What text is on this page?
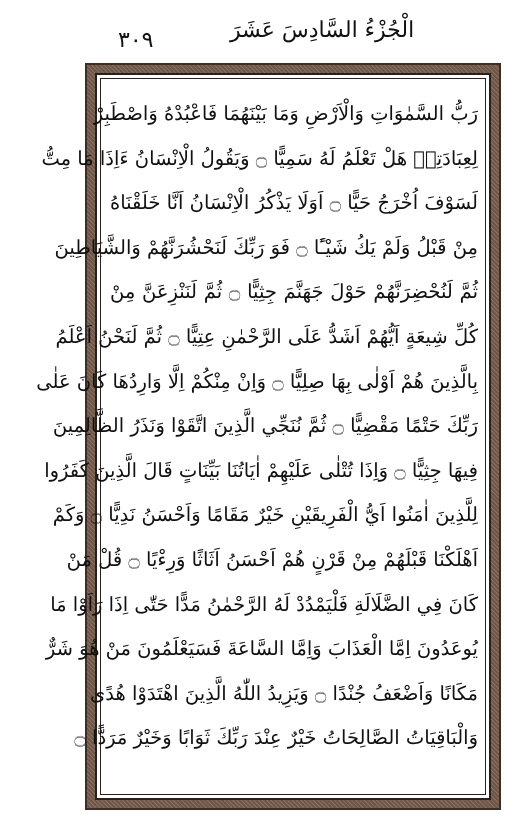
٣٠٩	الْجُزْءُ السَّادِسَ عَشَرَ
رَبُّ السَّمٰوَاتِ وَالْاَرْضِ وَمَا بَيْنَهُمَا فَاعْبُدْهُ وَاصْطَبِرْ
لِعِبَادَتِهٖ هَلْ تَعْلَمُ لَهُ سَمِيًّا ۝ وَيَقُولُ الْاِنْسَانُ ءَاِذَا مَا مِتُّ
لَسَوْفَ اُخْرَجُ حَيًّا ۝ اَوَلَا يَذْكُرُ الْاِنْسَانُ اَنَّا خَلَقْنَاهُ
مِنْ قَبْلُ وَلَمْ يَكُ شَيْـًٔا ۝ فَوَ رَبِّكَ لَنَحْشُرَنَّهُمْ وَالشَّيَاطِينَ
ثُمَّ لَنُحْضِرَنَّهُمْ حَوْلَ جَهَنَّمَ جِثِيًّا ۝ ثُمَّ لَنَنْزِعَنَّ مِنْ
كُلِّ شِيعَةٍ اَيُّهُمْ اَشَدُّ عَلَى الرَّحْمٰنِ عِتِيًّا ۝ ثُمَّ لَنَحْنُ اَعْلَمُ
بِالَّذِينَ هُمْ اَوْلٰى بِهَا صِلِيًّا ۝ وَاِنْ مِنْكُمْ اِلَّا وَارِدُهَا كَانَ عَلٰى
رَبِّكَ حَتْمًا مَقْضِيًّا ۝ ثُمَّ نُنَجِّي الَّذِينَ اتَّقَوْا وَنَذَرُ الظَّالِمِينَ
فِيهَا جِثِيًّا ۝ وَاِذَا تُتْلٰى عَلَيْهِمْ اٰيَاتُنَا بَيِّنَاتٍ قَالَ الَّذِينَ كَفَرُوا
لِلَّذِينَ اٰمَنُوا اَيُّ الْفَرِيقَيْنِ خَيْرٌ مَقَامًا وَاَحْسَنُ نَدِيًّا ۝ وَكَمْ
اَهْلَكْنَا قَبْلَهُمْ مِنْ قَرْنٍ هُمْ اَحْسَنُ اَثَاثًا وَرِءْيًا ۝ قُلْ مَنْ
كَانَ فِي الضَّلَالَةِ فَلْيَمْدُدْ لَهُ الرَّحْمٰنُ مَدًّا حَتّٰى اِذَا رَاَوْا مَا
يُوعَدُونَ اِمَّا الْعَذَابَ وَاِمَّا السَّاعَةَ فَسَيَعْلَمُونَ مَنْ هُوَ شَرٌّ
مَكَانًا وَاَضْعَفُ جُنْدًا ۝ وَيَزِيدُ اللّٰهُ الَّذِينَ اهْتَدَوْا هُدًى
وَالْبَاقِيَاتُ الصَّالِحَاتُ خَيْرٌ عِنْدَ رَبِّكَ ثَوَابًا وَخَيْرٌ مَرَدًّا ۝
